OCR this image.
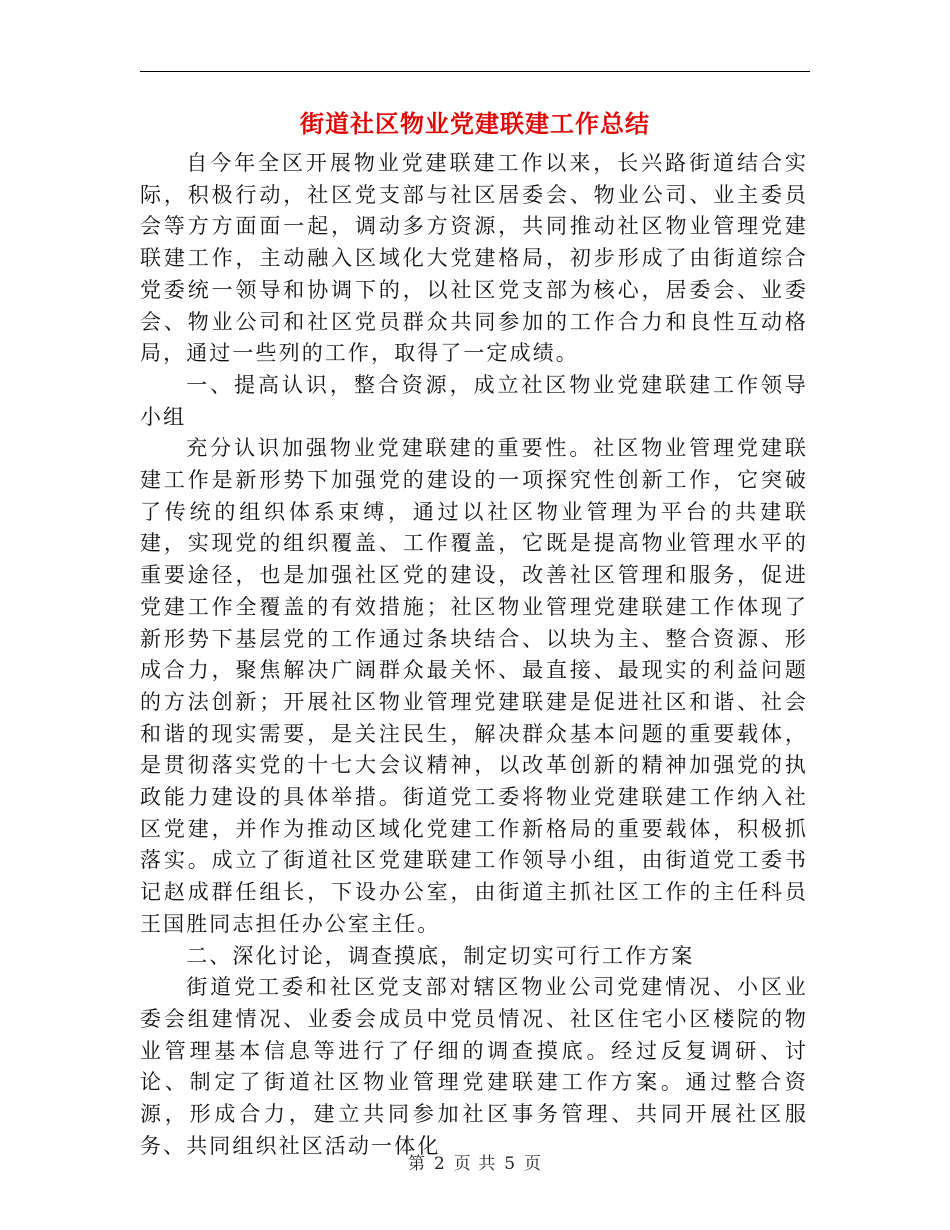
街道社区物业党建联建工作总结

自今年全区开展物业党建联建工作以来，长兴路街道结合实际，积极行动，社区党支部与社区居委会、物业公司、业主委员会等方方面面一起，调动多方资源，共同推动社区物业管理党建联建工作，主动融入区域化大党建格局，初步形成了由街道综合党委统一领导和协调下的，以社区党支部为核心，居委会、业委会、物业公司和社区党员群众共同参加的工作合力和良性互动格局，通过一些列的工作，取得了一定成绩。

一、提高认识，整合资源，成立社区物业党建联建工作领导小组

充分认识加强物业党建联建的重要性。社区物业管理党建联建工作是新形势下加强党的建设的一项探究性创新工作，它突破了传统的组织体系束缚，通过以社区物业管理为平台的共建联建，实现党的组织覆盖、工作覆盖，它既是提高物业管理水平的重要途径，也是加强社区党的建设，改善社区管理和服务，促进党建工作全覆盖的有效措施；社区物业管理党建联建工作体现了新形势下基层党的工作通过条块结合、以块为主、整合资源、形成合力，聚焦解决广阔群众最关怀、最直接、最现实的利益问题的方法创新；开展社区物业管理党建联建是促进社区和谐、社会和谐的现实需要，是关注民生，解决群众基本问题的重要载体，是贯彻落实党的十七大会议精神，以改革创新的精神加强党的执政能力建设的具体举措。街道党工委将物业党建联建工作纳入社区党建，并作为推动区域化党建工作新格局的重要载体，积极抓落实。成立了街道社区党建联建工作领导小组，由街道党工委书记赵成群任组长，下设办公室，由街道主抓社区工作的主任科员王国胜同志担任办公室主任。

二、深化讨论，调查摸底，制定切实可行工作方案

街道党工委和社区党支部对辖区物业公司党建情况、小区业委会组建情况、业委会成员中党员情况、社区住宅小区楼院的物业管理基本信息等进行了仔细的调查摸底。经过反复调研、讨论、制定了街道社区物业管理党建联建工作方案。通过整合资源，形成合力，建立共同参加社区事务管理、共同开展社区服务、共同组织社区活动一体化

第 2 页 共 5 页
